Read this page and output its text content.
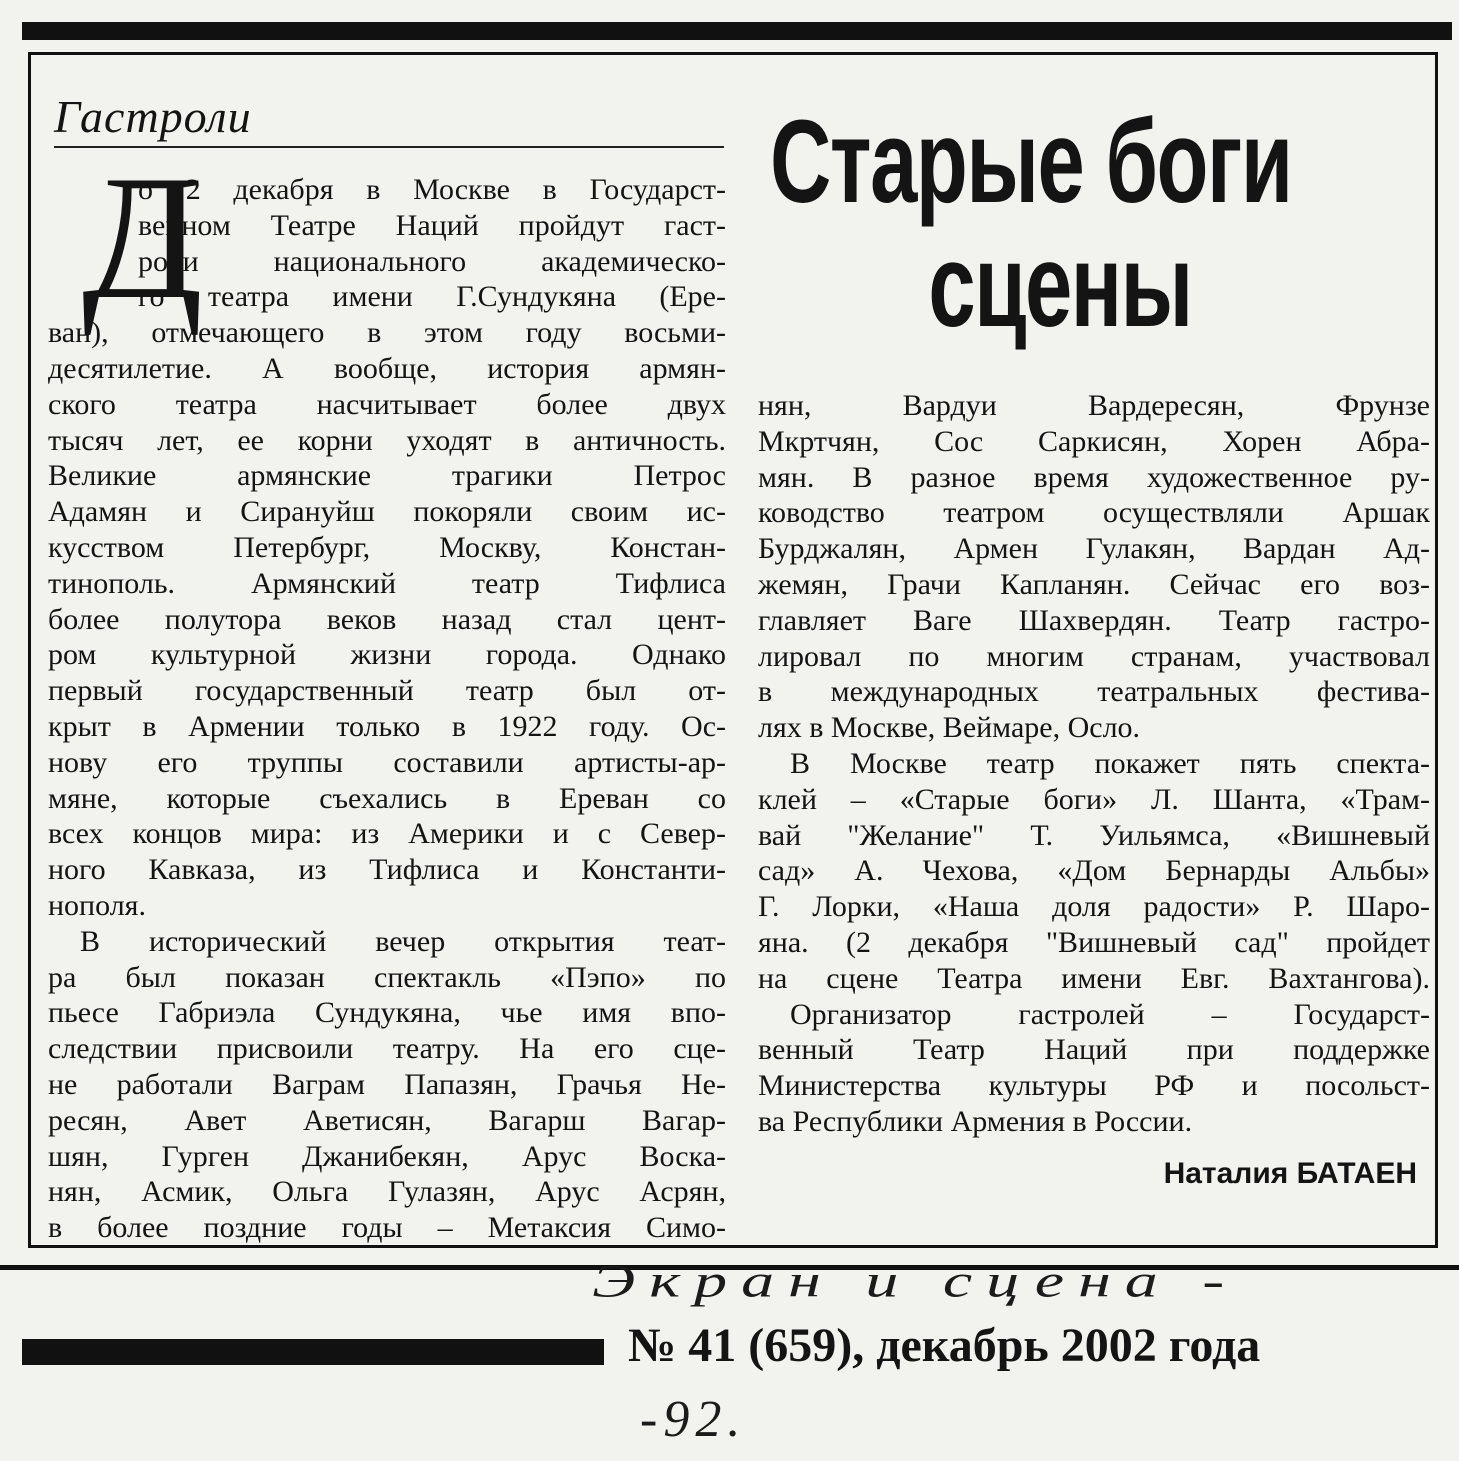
Гастроли	Старые боги
сцены
Д
о 2 декабря в Москве в Государст-
венном Театре Наций пройдут гаст-
роли национального академическо-
го театра имени Г.Сундукяна (Ере-
ван), отмечающего в этом году восьми-
десятилетие. А вообще, история армян-
ского театра насчитывает более двух
тысяч лет, ее корни уходят в античность.
Великие армянские трагики Петрос
Адамян и Сирануйш покоряли своим ис-
кусством Петербург, Москву, Констан-
тинополь. Армянский театр Тифлиса
более полутора веков назад стал цент-
ром культурной жизни города. Однако
первый государственный театр был от-
крыт в Армении только в 1922 году. Ос-
нову его труппы составили артисты-ар-
мяне, которые съехались в Ереван со
всех концов мира: из Америки и с Север-
ного Кавказа, из Тифлиса и Константи-
нополя.
В исторический вечер открытия теат-
ра был показан спектакль «Пэпо» по
пьесе Габриэла Сундукяна, чье имя впо-
следствии присвоили театру. На его сце-
не работали Ваграм Папазян, Грачья Не-
ресян, Авет Аветисян, Вагарш Вагар-
шян, Гурген Джанибекян, Арус Воска-
нян, Асмик, Ольга Гулазян, Арус Асрян,
в более поздние годы – Метаксия Симо-
нян, Вардуи Вардересян, Фрунзе
Мкртчян, Сос Саркисян, Хорен Абра-
мян. В разное время художественное ру-
ководство театром осуществляли Аршак
Бурджалян, Армен Гулакян, Вардан Ад-
жемян, Грачи Капланян. Сейчас его воз-
главляет Ваге Шахвердян. Театр гастро-
лировал по многим странам, участвовал
в международных театральных фестива-
лях в Москве, Веймаре, Осло.
В Москве театр покажет пять спекта-
клей – «Старые боги» Л. Шанта, «Трам-
вай "Желание" Т. Уильямса, «Вишневый
сад» А. Чехова, «Дом Бернарды Альбы»
Г. Лорки, «Наша доля радости» Р. Шаро-
яна. (2 декабря "Вишневый сад" пройдет
на сцене Театра имени Евг. Вахтангова).
Организатор гастролей – Государст-
венный Театр Наций при поддержке
Министерства культуры РФ и посольст-
ва Республики Армения в России.
Наталия БАТАЕН
Экран и сцена -
№ 41 (659), декабрь 2002 года
-92.
